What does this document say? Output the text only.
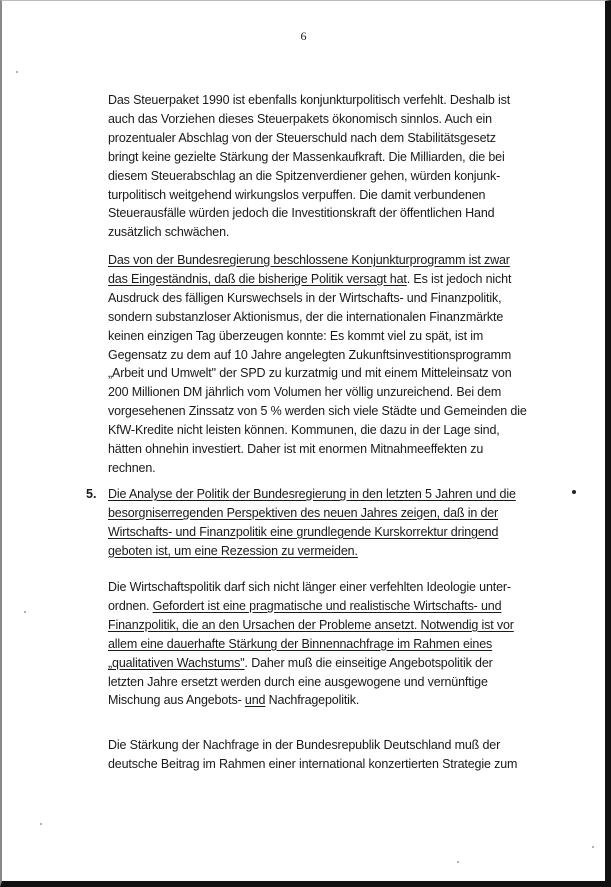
6
Das Steuerpaket 1990 ist ebenfalls konjunkturpolitisch verfehlt. Deshalb ist
auch das Vorziehen dieses Steuerpakets ökonomisch sinnlos. Auch ein
prozentualer Abschlag von der Steuerschuld nach dem Stabilitätsgesetz
bringt keine gezielte Stärkung der Massenkaufkraft. Die Milliarden, die bei
diesem Steuerabschlag an die Spitzenverdiener gehen, würden konjunk-
turpolitisch weitgehend wirkungslos verpuffen. Die damit verbundenen
Steuerausfälle würden jedoch die Investitionskraft der öffentlichen Hand
zusätzlich schwächen.
Das von der Bundesregierung beschlossene Konjunkturprogramm ist zwar
das Eingeständnis, daß die bisherige Politik versagt hat. Es ist jedoch nicht
Ausdruck des fälligen Kurswechsels in der Wirtschafts- und Finanzpolitik,
sondern substanzloser Aktionismus, der die internationalen Finanzmärkte
keinen einzigen Tag überzeugen konnte: Es kommt viel zu spät, ist im
Gegensatz zu dem auf 10 Jahre angelegten Zukunftsinvestitionsprogramm
„Arbeit und Umwelt" der SPD zu kurzatmig und mit einem Mitteleinsatz von
200 Millionen DM jährlich vom Volumen her völlig unzureichend. Bei dem
vorgesehenen Zinssatz von 5 % werden sich viele Städte und Gemeinden die
KfW-Kredite nicht leisten können. Kommunen, die dazu in der Lage sind,
hätten ohnehin investiert. Daher ist mit enormen Mitnahmeeffekten zu
rechnen.
5. Die Analyse der Politik der Bundesregierung in den letzten 5 Jahren und die
besorgniserregenden Perspektiven des neuen Jahres zeigen, daß in der
Wirtschafts- und Finanzpolitik eine grundlegende Kurskorrektur dringend
geboten ist, um eine Rezession zu vermeiden.
Die Wirtschaftspolitik darf sich nicht länger einer verfehlten Ideologie unter-
ordnen. Gefordert ist eine pragmatische und realistische Wirtschafts- und
Finanzpolitik, die an den Ursachen der Probleme ansetzt. Notwendig ist vor
allem eine dauerhafte Stärkung der Binnennachfrage im Rahmen eines
„qualitativen Wachstums". Daher muß die einseitige Angebotspolitik der
letzten Jahre ersetzt werden durch eine ausgewogene und vernünftige
Mischung aus Angebots- und Nachfragepolitik.
Die Stärkung der Nachfrage in der Bundesrepublik Deutschland muß der
deutsche Beitrag im Rahmen einer international konzertierten Strategie zum
